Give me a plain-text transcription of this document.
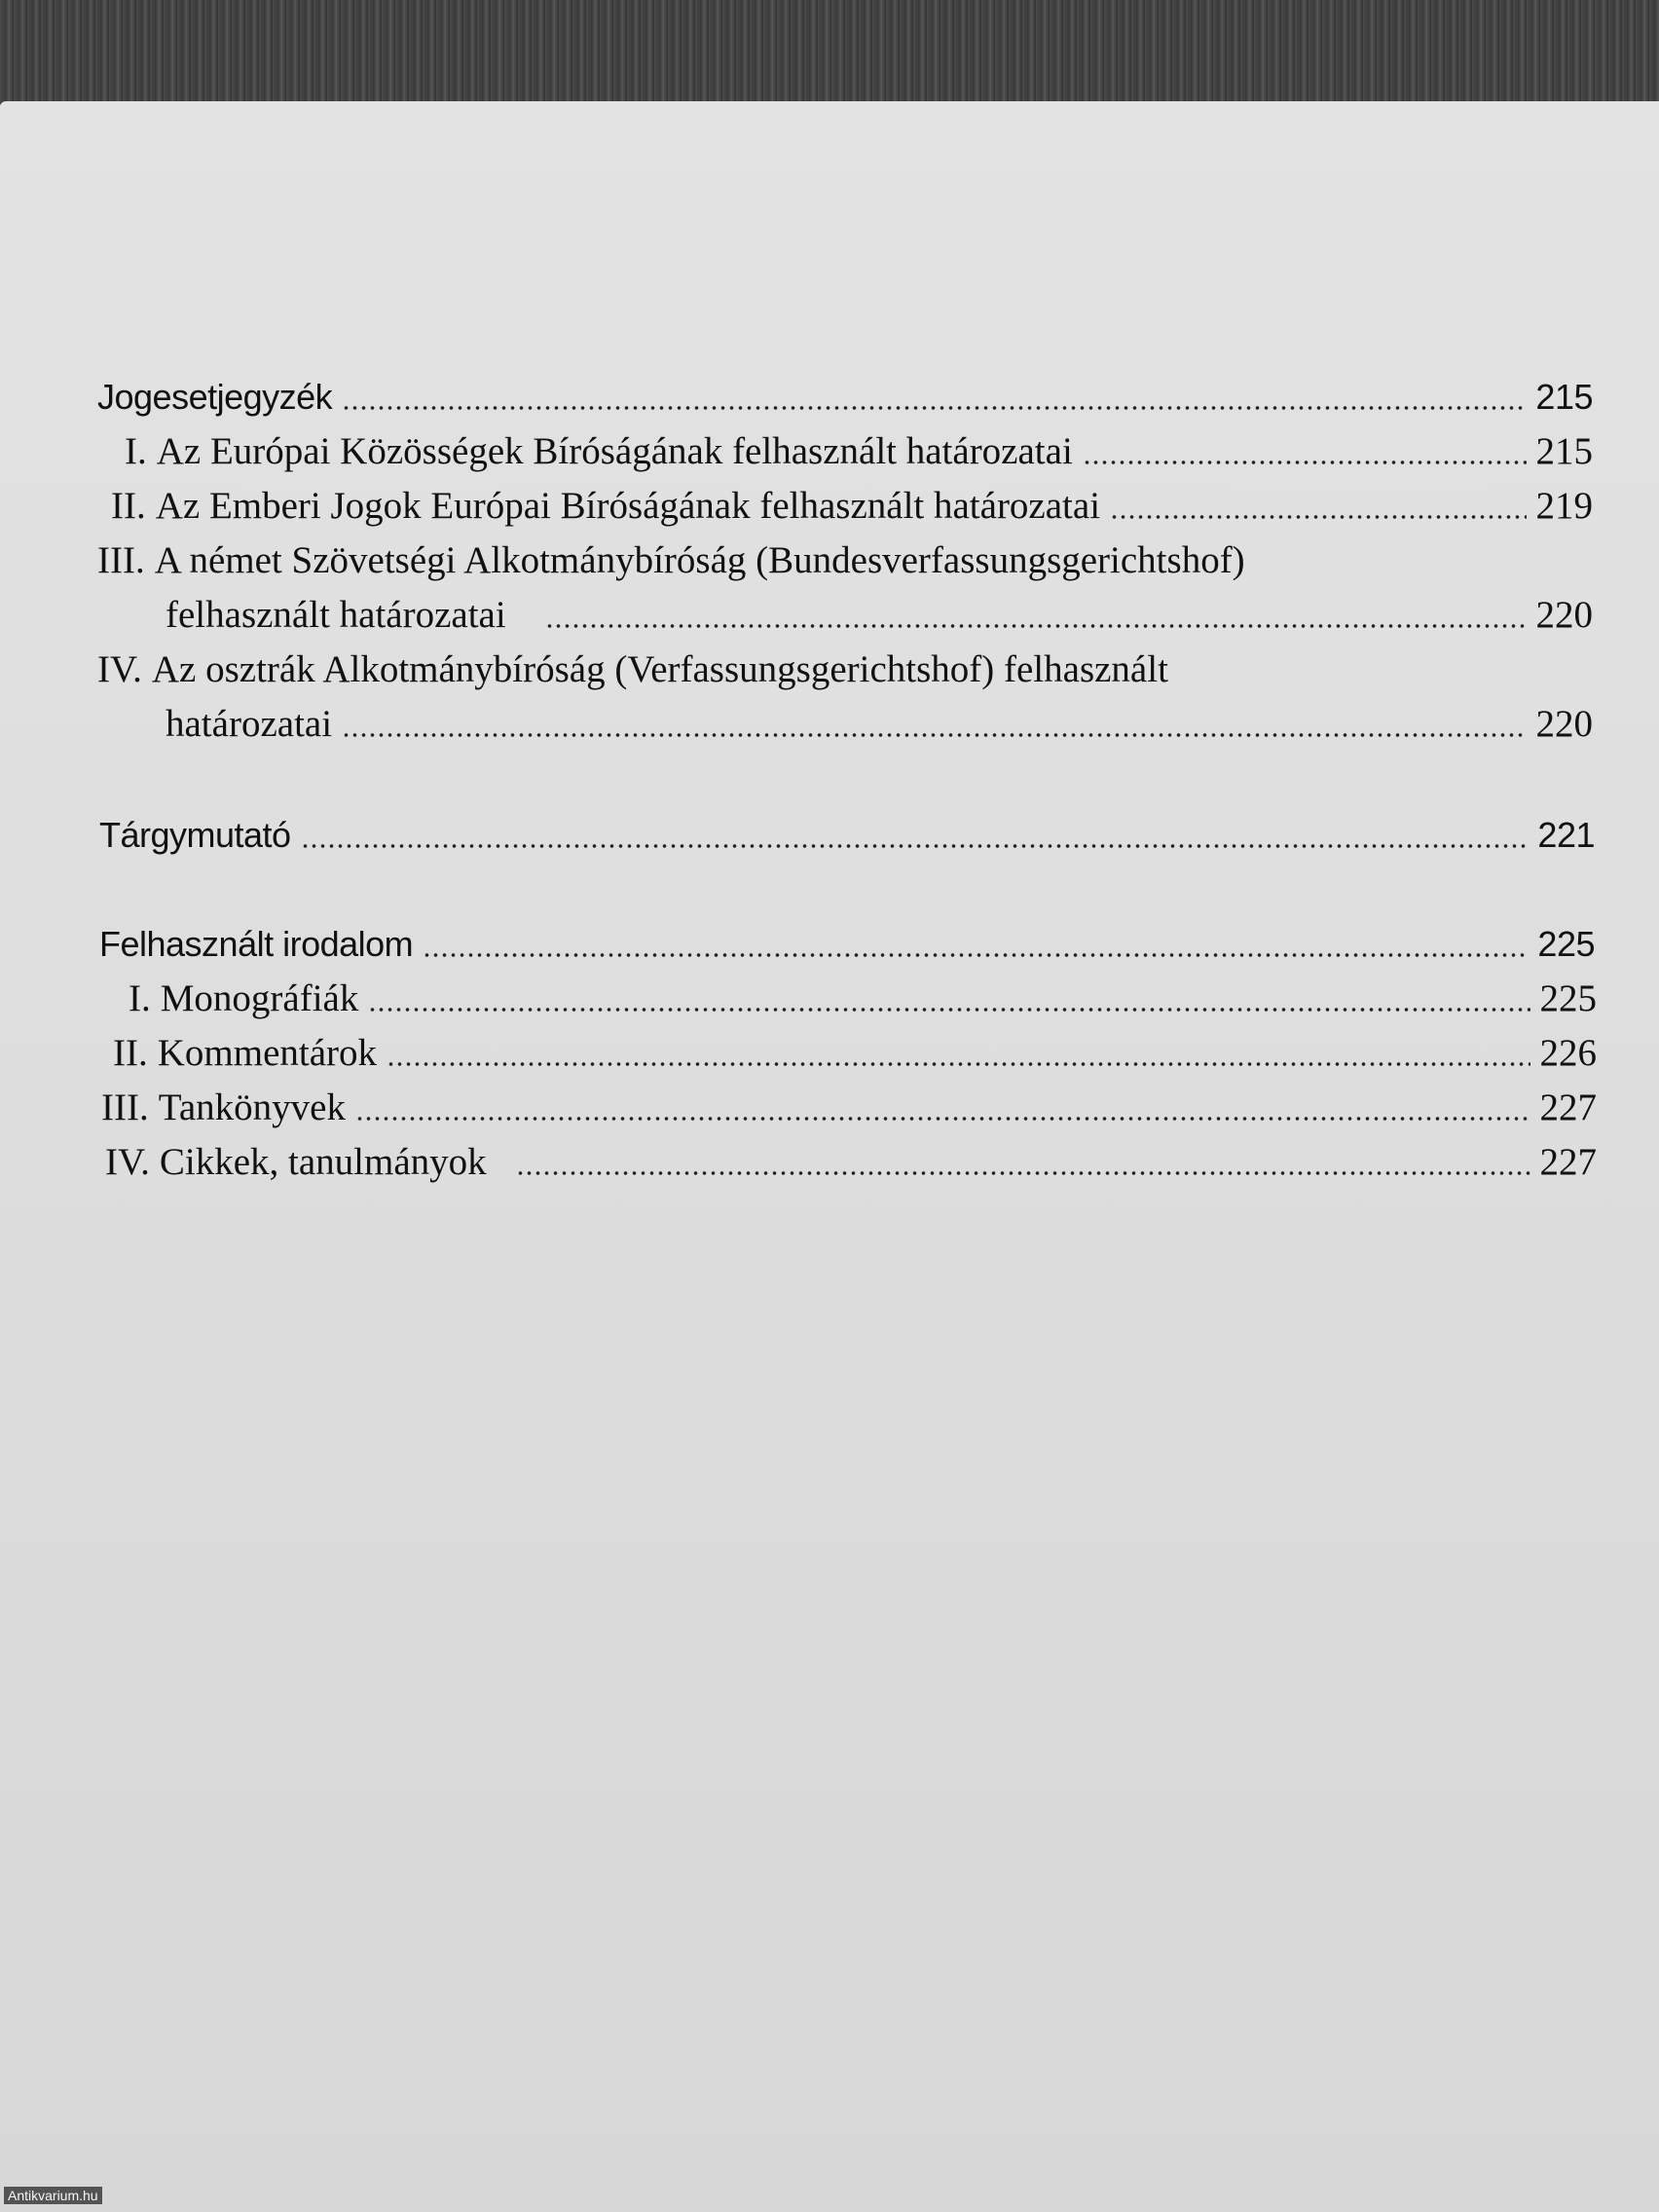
Jogesetjegyzék	215
I. Az Európai Közösségek Bíróságának felhasznált határozatai	215
II. Az Emberi Jogok Európai Bíróságának felhasznált határozatai	219
III. A német Szövetségi Alkotmánybíróság (Bundesverfassungsgerichtshof)
felhasznált határozatai	220
IV. Az osztrák Alkotmánybíróság (Verfassungsgerichtshof) felhasznált
határozatai	220
Tárgymutató	221
Felhasznált irodalom	225
I. Monográfiák	225
II. Kommentárok	226
III. Tankönyvek	227
IV. Cikkek, tanulmányok	227
Antikvarium.hu
